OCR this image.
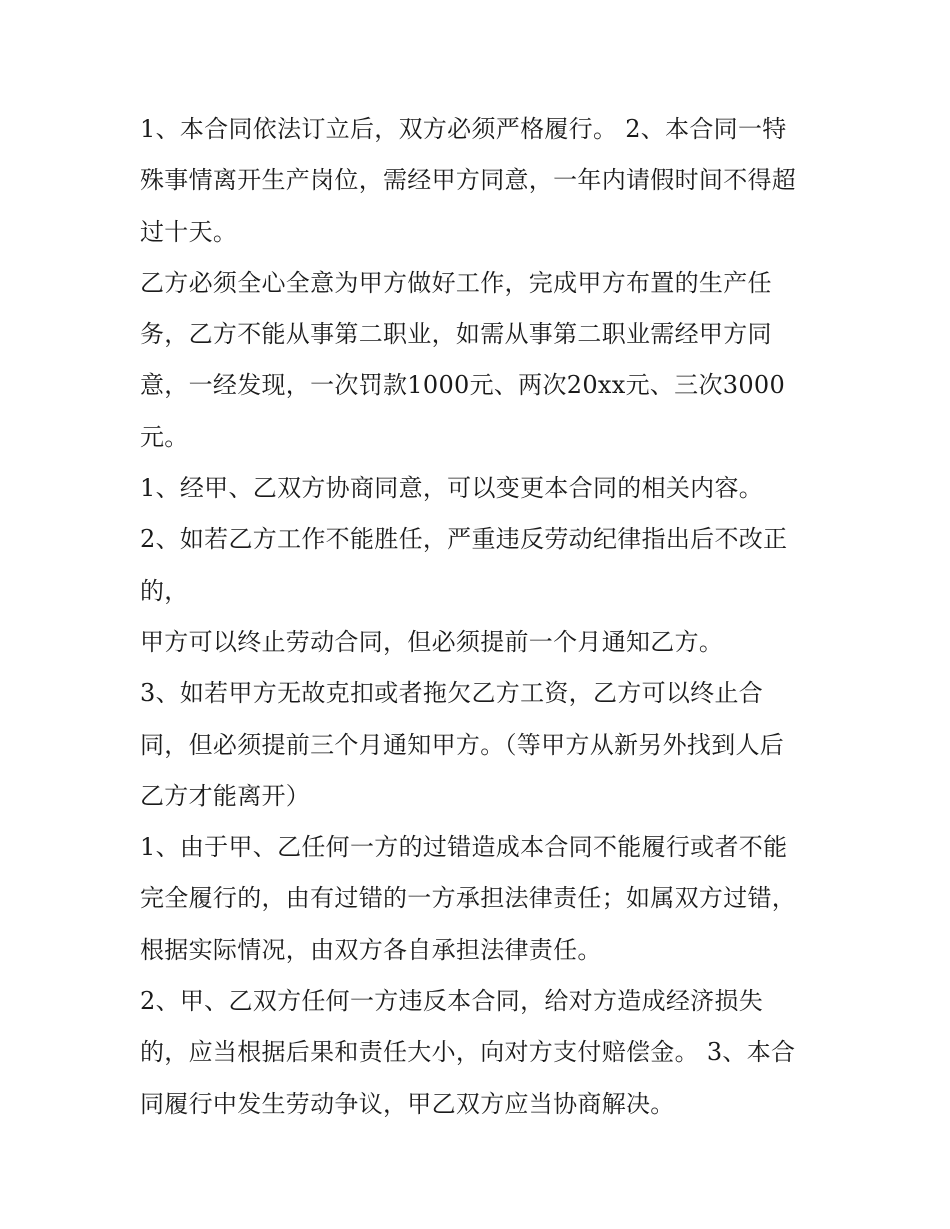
1、本合同依法订立后，双方必须严格履行。 2、本合同一特
殊事情离开生产岗位，需经甲方同意，一年内请假时间不得超
过十天。
乙方必须全心全意为甲方做好工作，完成甲方布置的生产任
务，乙方不能从事第二职业，如需从事第二职业需经甲方同
意，一经发现，一次罚款1000元、两次20xx元、三次3000
元。
1、经甲、乙双方协商同意，可以变更本合同的相关内容。
2、如若乙方工作不能胜任，严重违反劳动纪律指出后不改正
的，
甲方可以终止劳动合同，但必须提前一个月通知乙方。
3、如若甲方无故克扣或者拖欠乙方工资，乙方可以终止合
同，但必须提前三个月通知甲方。（等甲方从新另外找到人后
乙方才能离开）
1、由于甲、乙任何一方的过错造成本合同不能履行或者不能
完全履行的，由有过错的一方承担法律责任；如属双方过错，
根据实际情况，由双方各自承担法律责任。
2、甲、乙双方任何一方违反本合同，给对方造成经济损失
的，应当根据后果和责任大小，向对方支付赔偿金。 3、本合
同履行中发生劳动争议，甲乙双方应当协商解决。
